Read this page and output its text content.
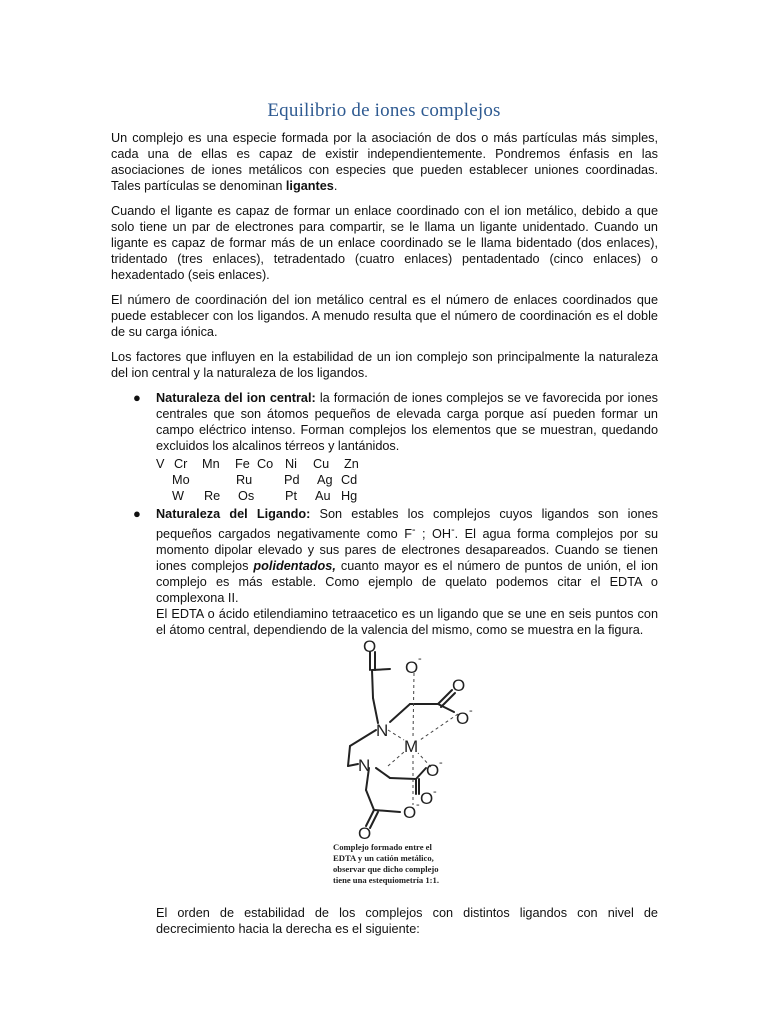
Equilibrio de iones complejos

Un complejo es una especie formada por la asociación de dos o más partículas más simples, cada una de ellas es capaz de existir independientemente. Pondremos énfasis en las asociaciones de iones metálicos con especies que pueden establecer uniones coordinadas. Tales partículas se denominan ligantes.

Cuando el ligante es capaz de formar un enlace coordinado con el ion metálico, debido a que solo tiene un par de electrones para compartir, se le llama un ligante unidentado. Cuando un ligante es capaz de formar más de un enlace coordinado se le llama bidentado (dos enlaces), tridentado (tres enlaces), tetradentado (cuatro enlaces) pentadentado (cinco enlaces) o hexadentado (seis enlaces).

El número de coordinación del ion metálico central es el número de enlaces coordinados que puede establecer con los ligandos. A menudo resulta que el número de coordinación es el doble de su carga iónica.

Los factores que influyen en la estabilidad de un ion complejo son principalmente la naturaleza del ion central y la naturaleza de los ligandos.

● Naturaleza del ion central: la formación de iones complejos se ve favorecida por iones centrales que son átomos pequeños de elevada carga porque así pueden formar un campo eléctrico intenso. Forman complejos los elementos que se muestran, quedando excluidos los alcalinos térreos y lantánidos.
V Cr Mn Fe Co Ni Cu Zn
Mo	Ru	Pd Ag Cd
W Re Os Pt Au Hg
● Naturaleza del Ligando: Son estables los complejos cuyos ligandos son iones pequeños cargados negativamente como F- ; OH-. El agua forma complejos por su momento dipolar elevado y sus pares de electrones desapareados. Cuando se tienen iones complejos polidentados, cuanto mayor es el número de puntos de unión, el ion complejo es más estable. Como ejemplo de quelato podemos citar el EDTA o complexona II.
El EDTA o ácido etilendiamino tetraacetico es un ligando que se une en seis puntos con el átomo central, dependiendo de la valencia del mismo, como se muestra en la figura.
O
O
O
O
O
O
O
O
N
N
M
-
-
-
-
-
Complejo formado entre el EDTA y un catión metálico, observar que dicho complejo tiene una estequiometría 1:1.
El orden de estabilidad de los complejos con distintos ligandos con nivel de decrecimiento hacia la derecha es el siguiente:
